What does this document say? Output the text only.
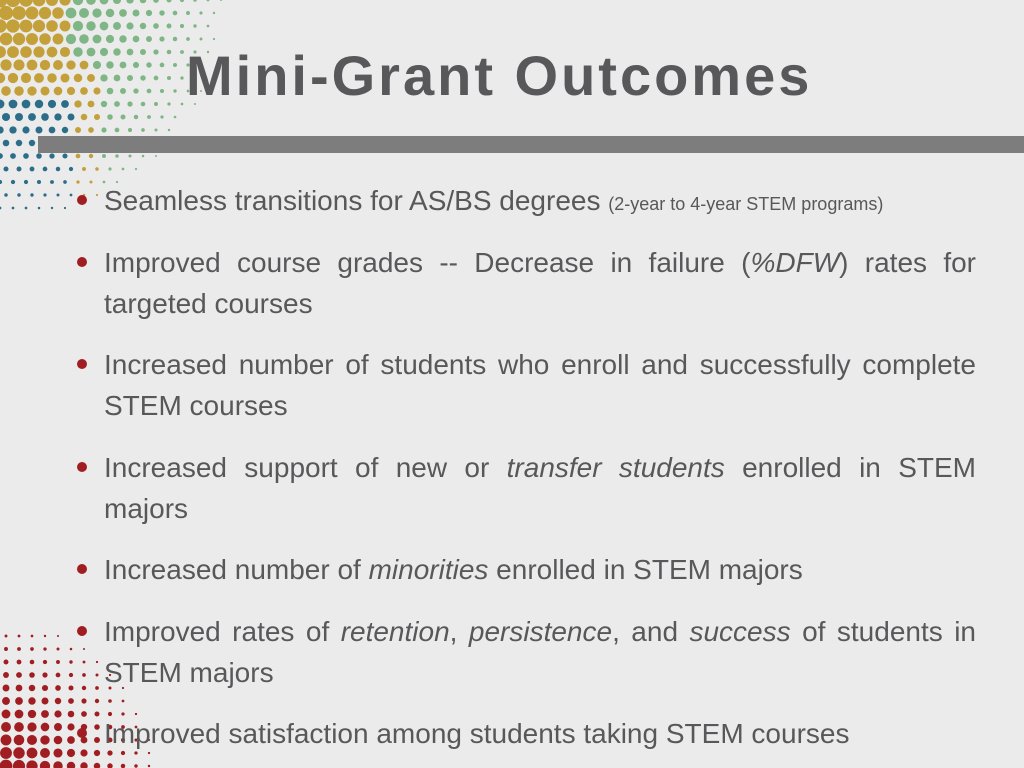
Mini-Grant Outcomes
Seamless transitions for AS/BS degrees (2-year to 4-year STEM programs)
Improved course grades -- Decrease in failure (%DFW) rates for targeted courses
Increased number of students who enroll and successfully complete STEM courses
Increased support of new or transfer students enrolled in STEM majors
Increased number of minorities enrolled in STEM majors
Improved rates of retention, persistence, and success of students in STEM majors
Improved satisfaction among students taking STEM courses
